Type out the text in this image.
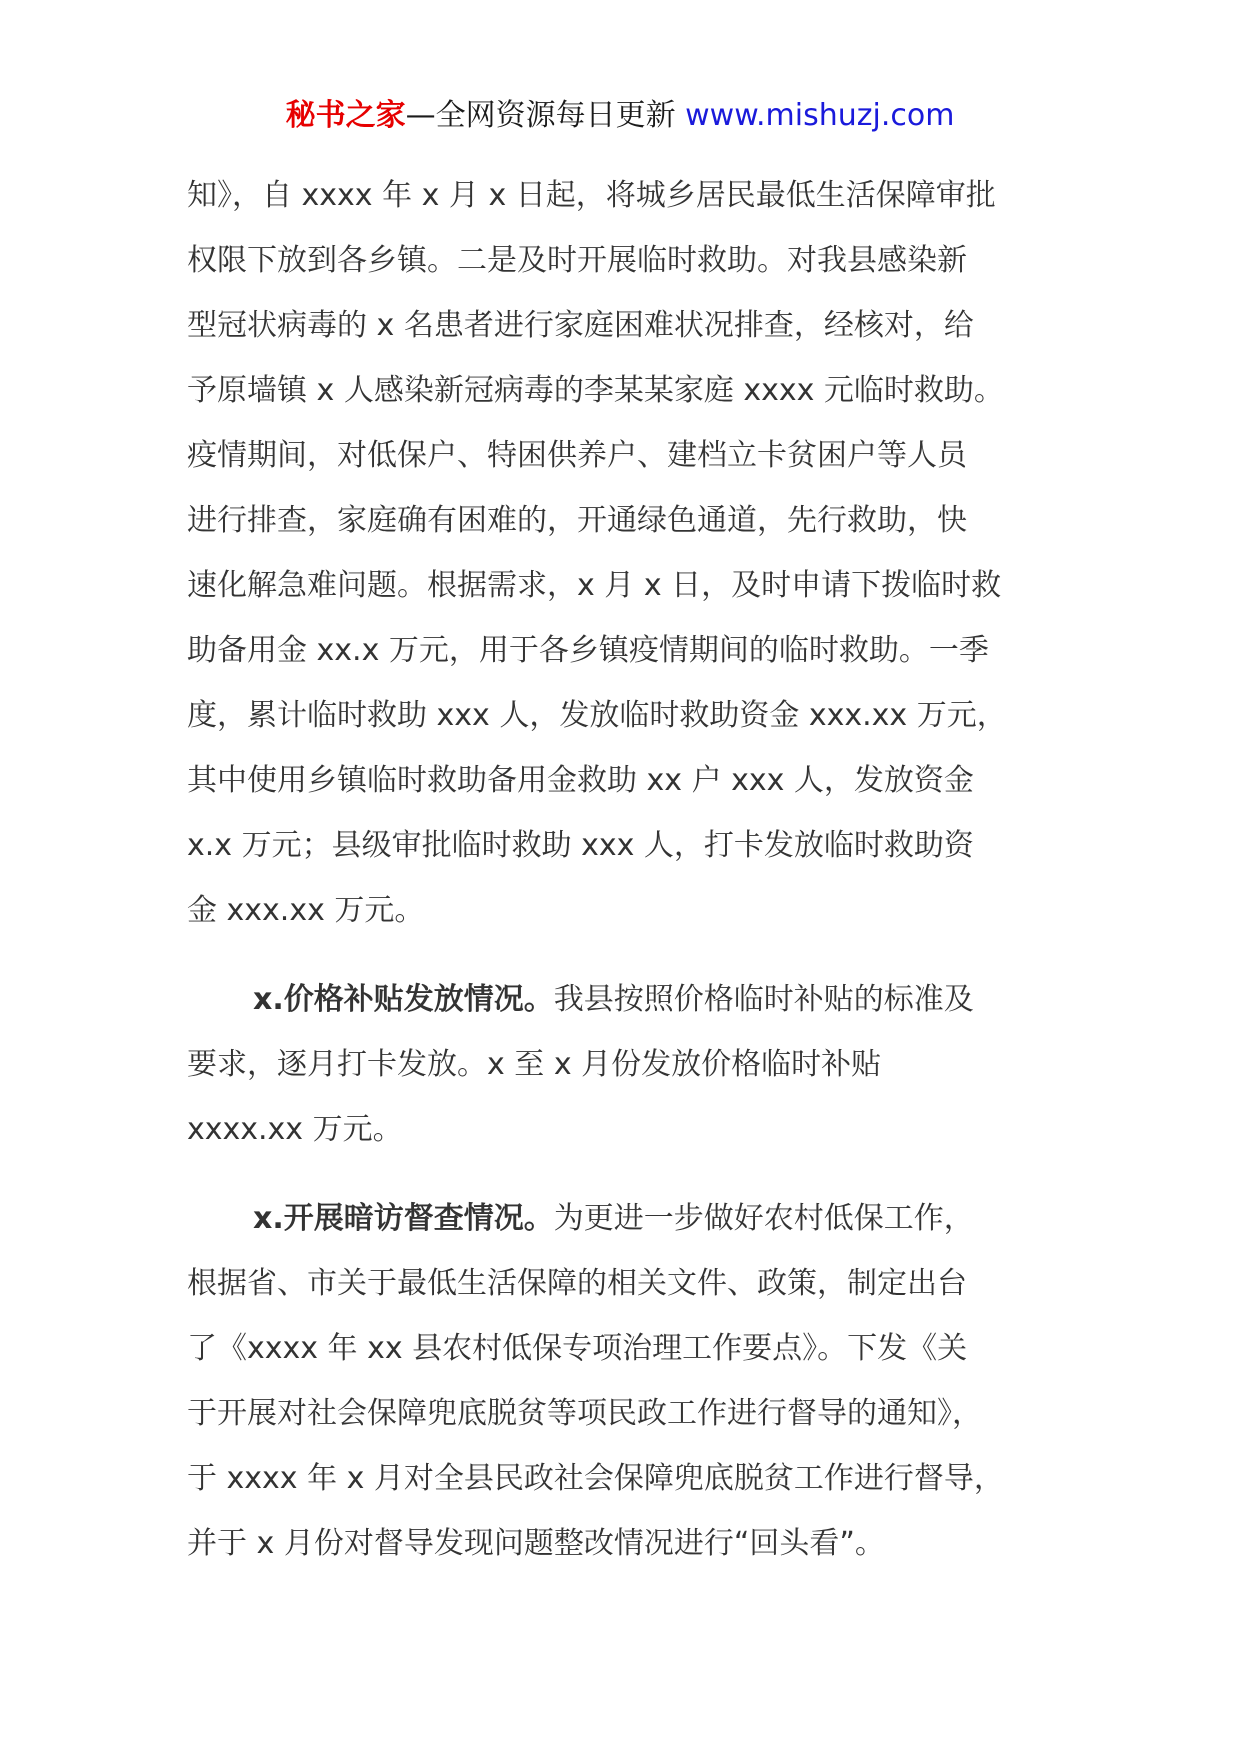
秘书之家—全网资源每日更新 www.mishuzj.com
知》，自 xxxx 年 x 月 x 日起，将城乡居民最低生活保障审批
权限下放到各乡镇。二是及时开展临时救助。对我县感染新
型冠状病毒的 x 名患者进行家庭困难状况排查，经核对，给
予原墙镇 x 人感染新冠病毒的李某某家庭 xxxx 元临时救助。
疫情期间，对低保户、特困供养户、建档立卡贫困户等人员
进行排查，家庭确有困难的，开通绿色通道，先行救助，快
速化解急难问题。根据需求，x 月 x 日，及时申请下拨临时救
助备用金 xx.x 万元，用于各乡镇疫情期间的临时救助。一季
度，累计临时救助 xxx 人，发放临时救助资金 xxx.xx 万元，
其中使用乡镇临时救助备用金救助 xx 户 xxx 人，发放资金
x.x 万元；县级审批临时救助 xxx 人，打卡发放临时救助资
金 xxx.xx 万元。
x.价格补贴发放情况。我县按照价格临时补贴的标准及
要求，逐月打卡发放。x 至 x 月份发放价格临时补贴
xxxx.xx 万元。
x.开展暗访督查情况。为更进一步做好农村低保工作，
根据省、市关于最低生活保障的相关文件、政策，制定出台
了《xxxx 年 xx 县农村低保专项治理工作要点》。下发《关
于开展对社会保障兜底脱贫等项民政工作进行督导的通知》，
于 xxxx 年 x 月对全县民政社会保障兜底脱贫工作进行督导，
并于 x 月份对督导发现问题整改情况进行“回头看”。
